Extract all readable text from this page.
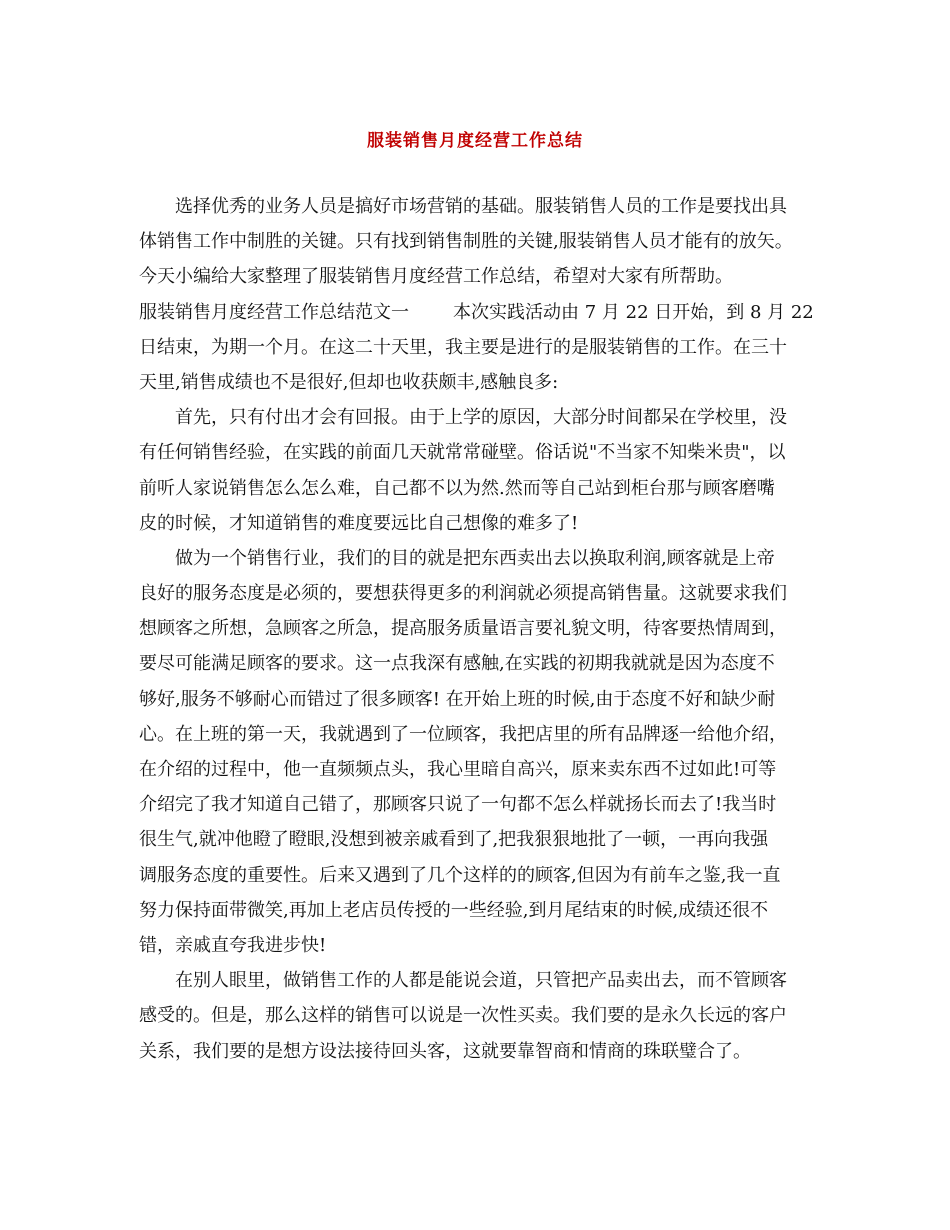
服装销售月度经营工作总结
选择优秀的业务人员是搞好市场营销的基础。服装销售人员的工作是要找出具
体销售工作中制胜的关键。只有找到销售制胜的关键,服装销售人员才能有的放矢。
今天小编给大家整理了服装销售月度经营工作总结，希望对大家有所帮助。
服装销售月度经营工作总结范文一 本次实践活动由 7 月 22 日开始，到 8 月 22
日结束，为期一个月。在这二十天里，我主要是进行的是服装销售的工作。在三十
天里,销售成绩也不是很好,但却也收获颇丰,感触良多:
首先，只有付出才会有回报。由于上学的原因，大部分时间都呆在学校里，没
有任何销售经验，在实践的前面几天就常常碰壁。俗话说"不当家不知柴米贵"，以
前听人家说销售怎么怎么难，自己都不以为然.然而等自己站到柜台那与顾客磨嘴
皮的时候，才知道销售的难度要远比自己想像的难多了!
做为一个销售行业，我们的目的就是把东西卖出去以换取利润,顾客就是上帝
良好的服务态度是必须的，要想获得更多的利润就必须提高销售量。这就要求我们
想顾客之所想，急顾客之所急，提高服务质量语言要礼貌文明，待客要热情周到，
要尽可能满足顾客的要求。这一点我深有感触,在实践的初期我就就是因为态度不
够好,服务不够耐心而错过了很多顾客! 在开始上班的时候,由于态度不好和缺少耐
心。在上班的第一天，我就遇到了一位顾客，我把店里的所有品牌逐一给他介绍，
在介绍的过程中，他一直频频点头，我心里暗自高兴，原来卖东西不过如此!可等
介绍完了我才知道自己错了，那顾客只说了一句都不怎么样就扬长而去了!我当时
很生气,就冲他瞪了瞪眼,没想到被亲戚看到了,把我狠狠地批了一顿，一再向我强
调服务态度的重要性。后来又遇到了几个这样的的顾客,但因为有前车之鉴,我一直
努力保持面带微笑,再加上老店员传授的一些经验,到月尾结束的时候,成绩还很不
错，亲戚直夸我进步快!
在别人眼里，做销售工作的人都是能说会道，只管把产品卖出去，而不管顾客
感受的。但是，那么这样的销售可以说是一次性买卖。我们要的是永久长远的客户
关系，我们要的是想方设法接待回头客，这就要靠智商和情商的珠联璧合了。
